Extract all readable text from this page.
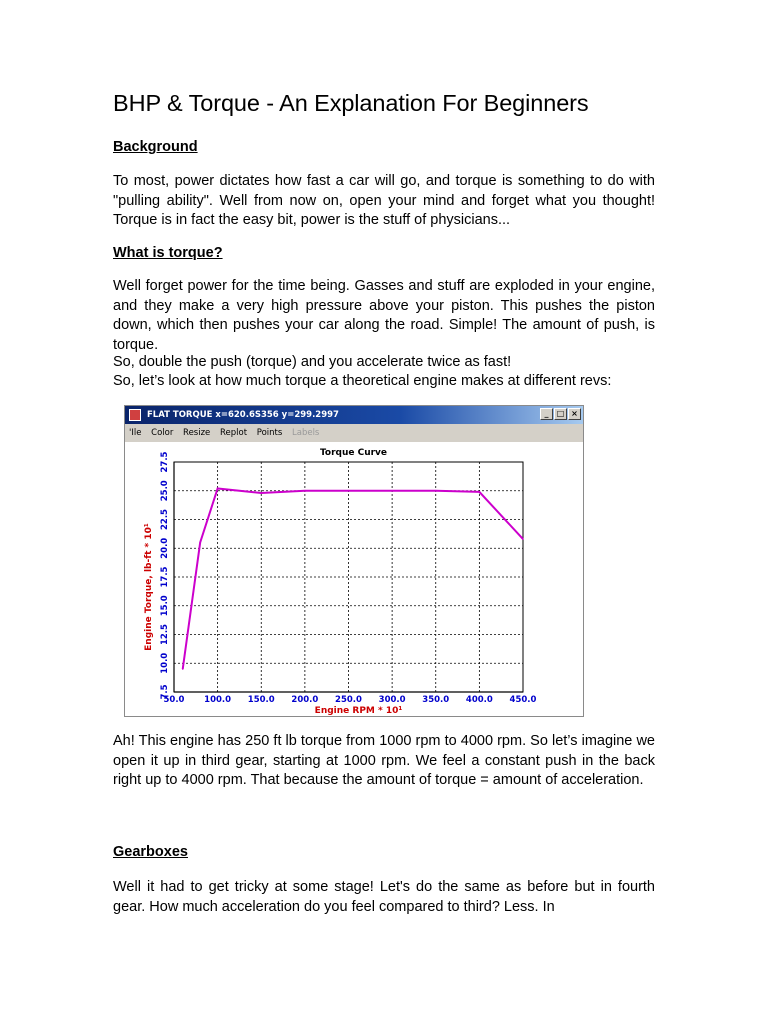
BHP & Torque - An Explanation For Beginners
Background

To most, power dictates how fast a car will go, and torque is something to do with "pulling ability". Well from now on, open your mind and forget what you thought! Torque is in fact the easy bit, power is the stuff of physicians...

What is torque?

Well forget power for the time being. Gasses and stuff are exploded in your engine, and they make a very high pressure above your piston. This pushes the piston down, which then pushes your car along the road. Simple! The amount of push, is torque.

So, double the push (torque) and you accelerate twice as fast!

So, let’s look at how much torque a theoretical engine makes at different revs:

Ah! This engine has 250 ft lb torque from 1000 rpm to 4000 rpm. So let’s imagine we open it up in third gear, starting at 1000 rpm. We feel a constant push in the back right up to 4000 rpm. That because the amount of torque = amount of acceleration.

Gearboxes

Well it had to get tricky at some stage! Let's do the same as before but in fourth gear. How much acceleration do you feel compared to third? Less. In

FLAT TORQUE x=620.6S356 y=299.2997	_	□ ×
'Ile Color Resize Replot Points Labels
50.0 100.0 150.0 200.0 250.0 300.0 350.0 400.0 450.0
7.5
10.0
12.5
15.0
17.5
20.0
22.5
25.0
27.5	Torque Curve
Engine RPM * 10¹
Engine Torque, lb-ft * 10¹
